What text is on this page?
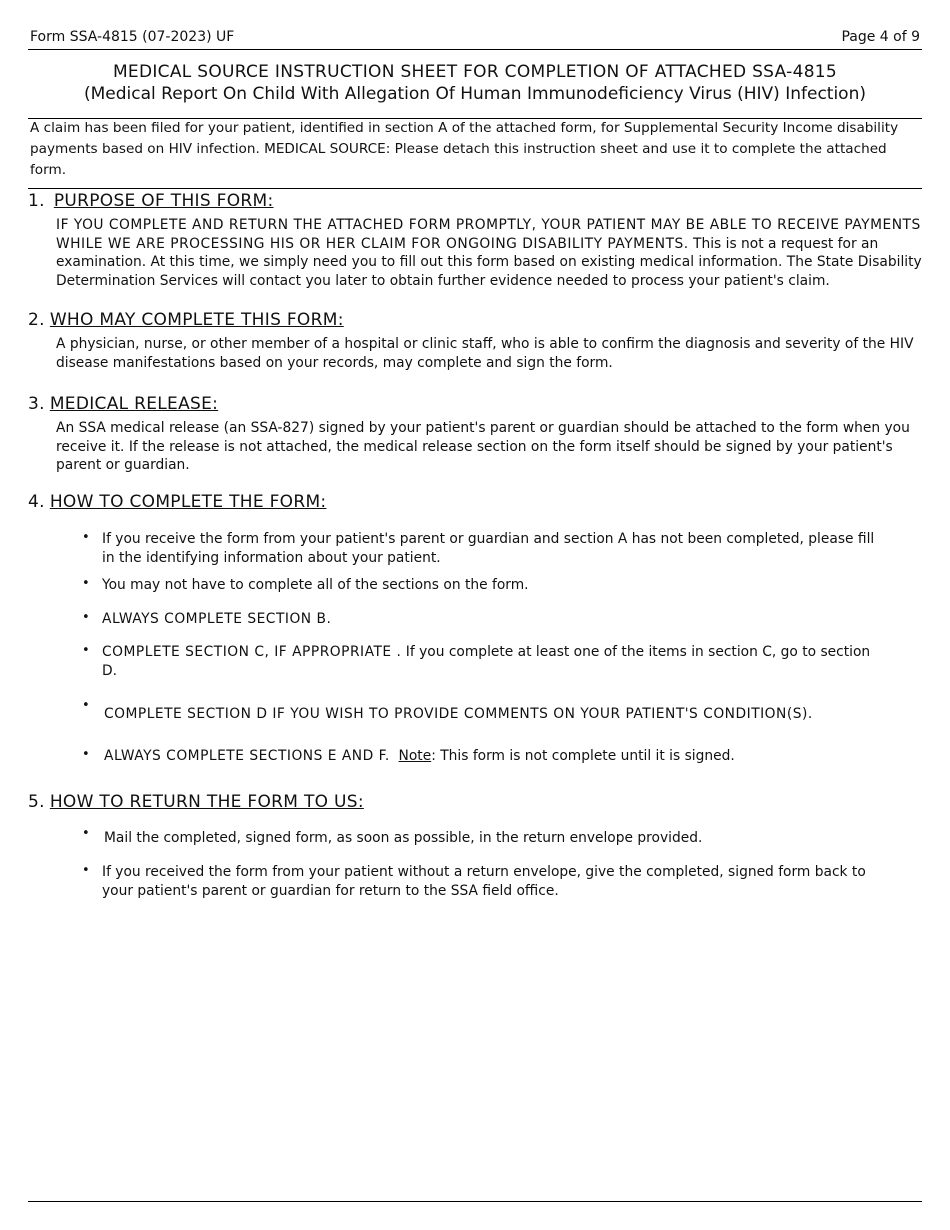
Form SSA-4815 (07-2023) UF	Page 4 of 9
MEDICAL SOURCE INSTRUCTION SHEET FOR COMPLETION OF ATTACHED SSA-4815
(Medical Report On Child With Allegation Of Human Immunodeficiency Virus (HIV) Infection)
A claim has been filed for your patient, identified in section A of the attached form, for Supplemental Security Income disability payments based on HIV infection. MEDICAL SOURCE: Please detach this instruction sheet and use it to complete the attached form.
1. PURPOSE OF THIS FORM:
IF YOU COMPLETE AND RETURN THE ATTACHED FORM PROMPTLY, YOUR PATIENT MAY BE ABLE TO RECEIVE PAYMENTS WHILE WE ARE PROCESSING HIS OR HER CLAIM FOR ONGOING DISABILITY PAYMENTS. This is not a request for an examination. At this time, we simply need you to fill out this form based on existing medical information. The State Disability Determination Services will contact you later to obtain further evidence needed to process your patient's claim.
2. WHO MAY COMPLETE THIS FORM:
A physician, nurse, or other member of a hospital or clinic staff, who is able to confirm the diagnosis and severity of the HIV disease manifestations based on your records, may complete and sign the form.
3. MEDICAL RELEASE:
An SSA medical release (an SSA-827) signed by your patient's parent or guardian should be attached to the form when you receive it. If the release is not attached, the medical release section on the form itself should be signed by your patient's parent or guardian.
4. HOW TO COMPLETE THE FORM:
• If you receive the form from your patient's parent or guardian and section A has not been completed, please fill in the identifying information about your patient.
• You may not have to complete all of the sections on the form.
• ALWAYS COMPLETE SECTION B.
• COMPLETE SECTION C, IF APPROPRIATE . If you complete at least one of the items in section C, go to section D.
•
COMPLETE SECTION D IF YOU WISH TO PROVIDE COMMENTS ON YOUR PATIENT'S CONDITION(S).
• ALWAYS COMPLETE SECTIONS E AND F. Note: This form is not complete until it is signed.
5. HOW TO RETURN THE FORM TO US:
• Mail the completed, signed form, as soon as possible, in the return envelope provided.
• If you received the form from your patient without a return envelope, give the completed, signed form back to your patient's parent or guardian for return to the SSA field office.
